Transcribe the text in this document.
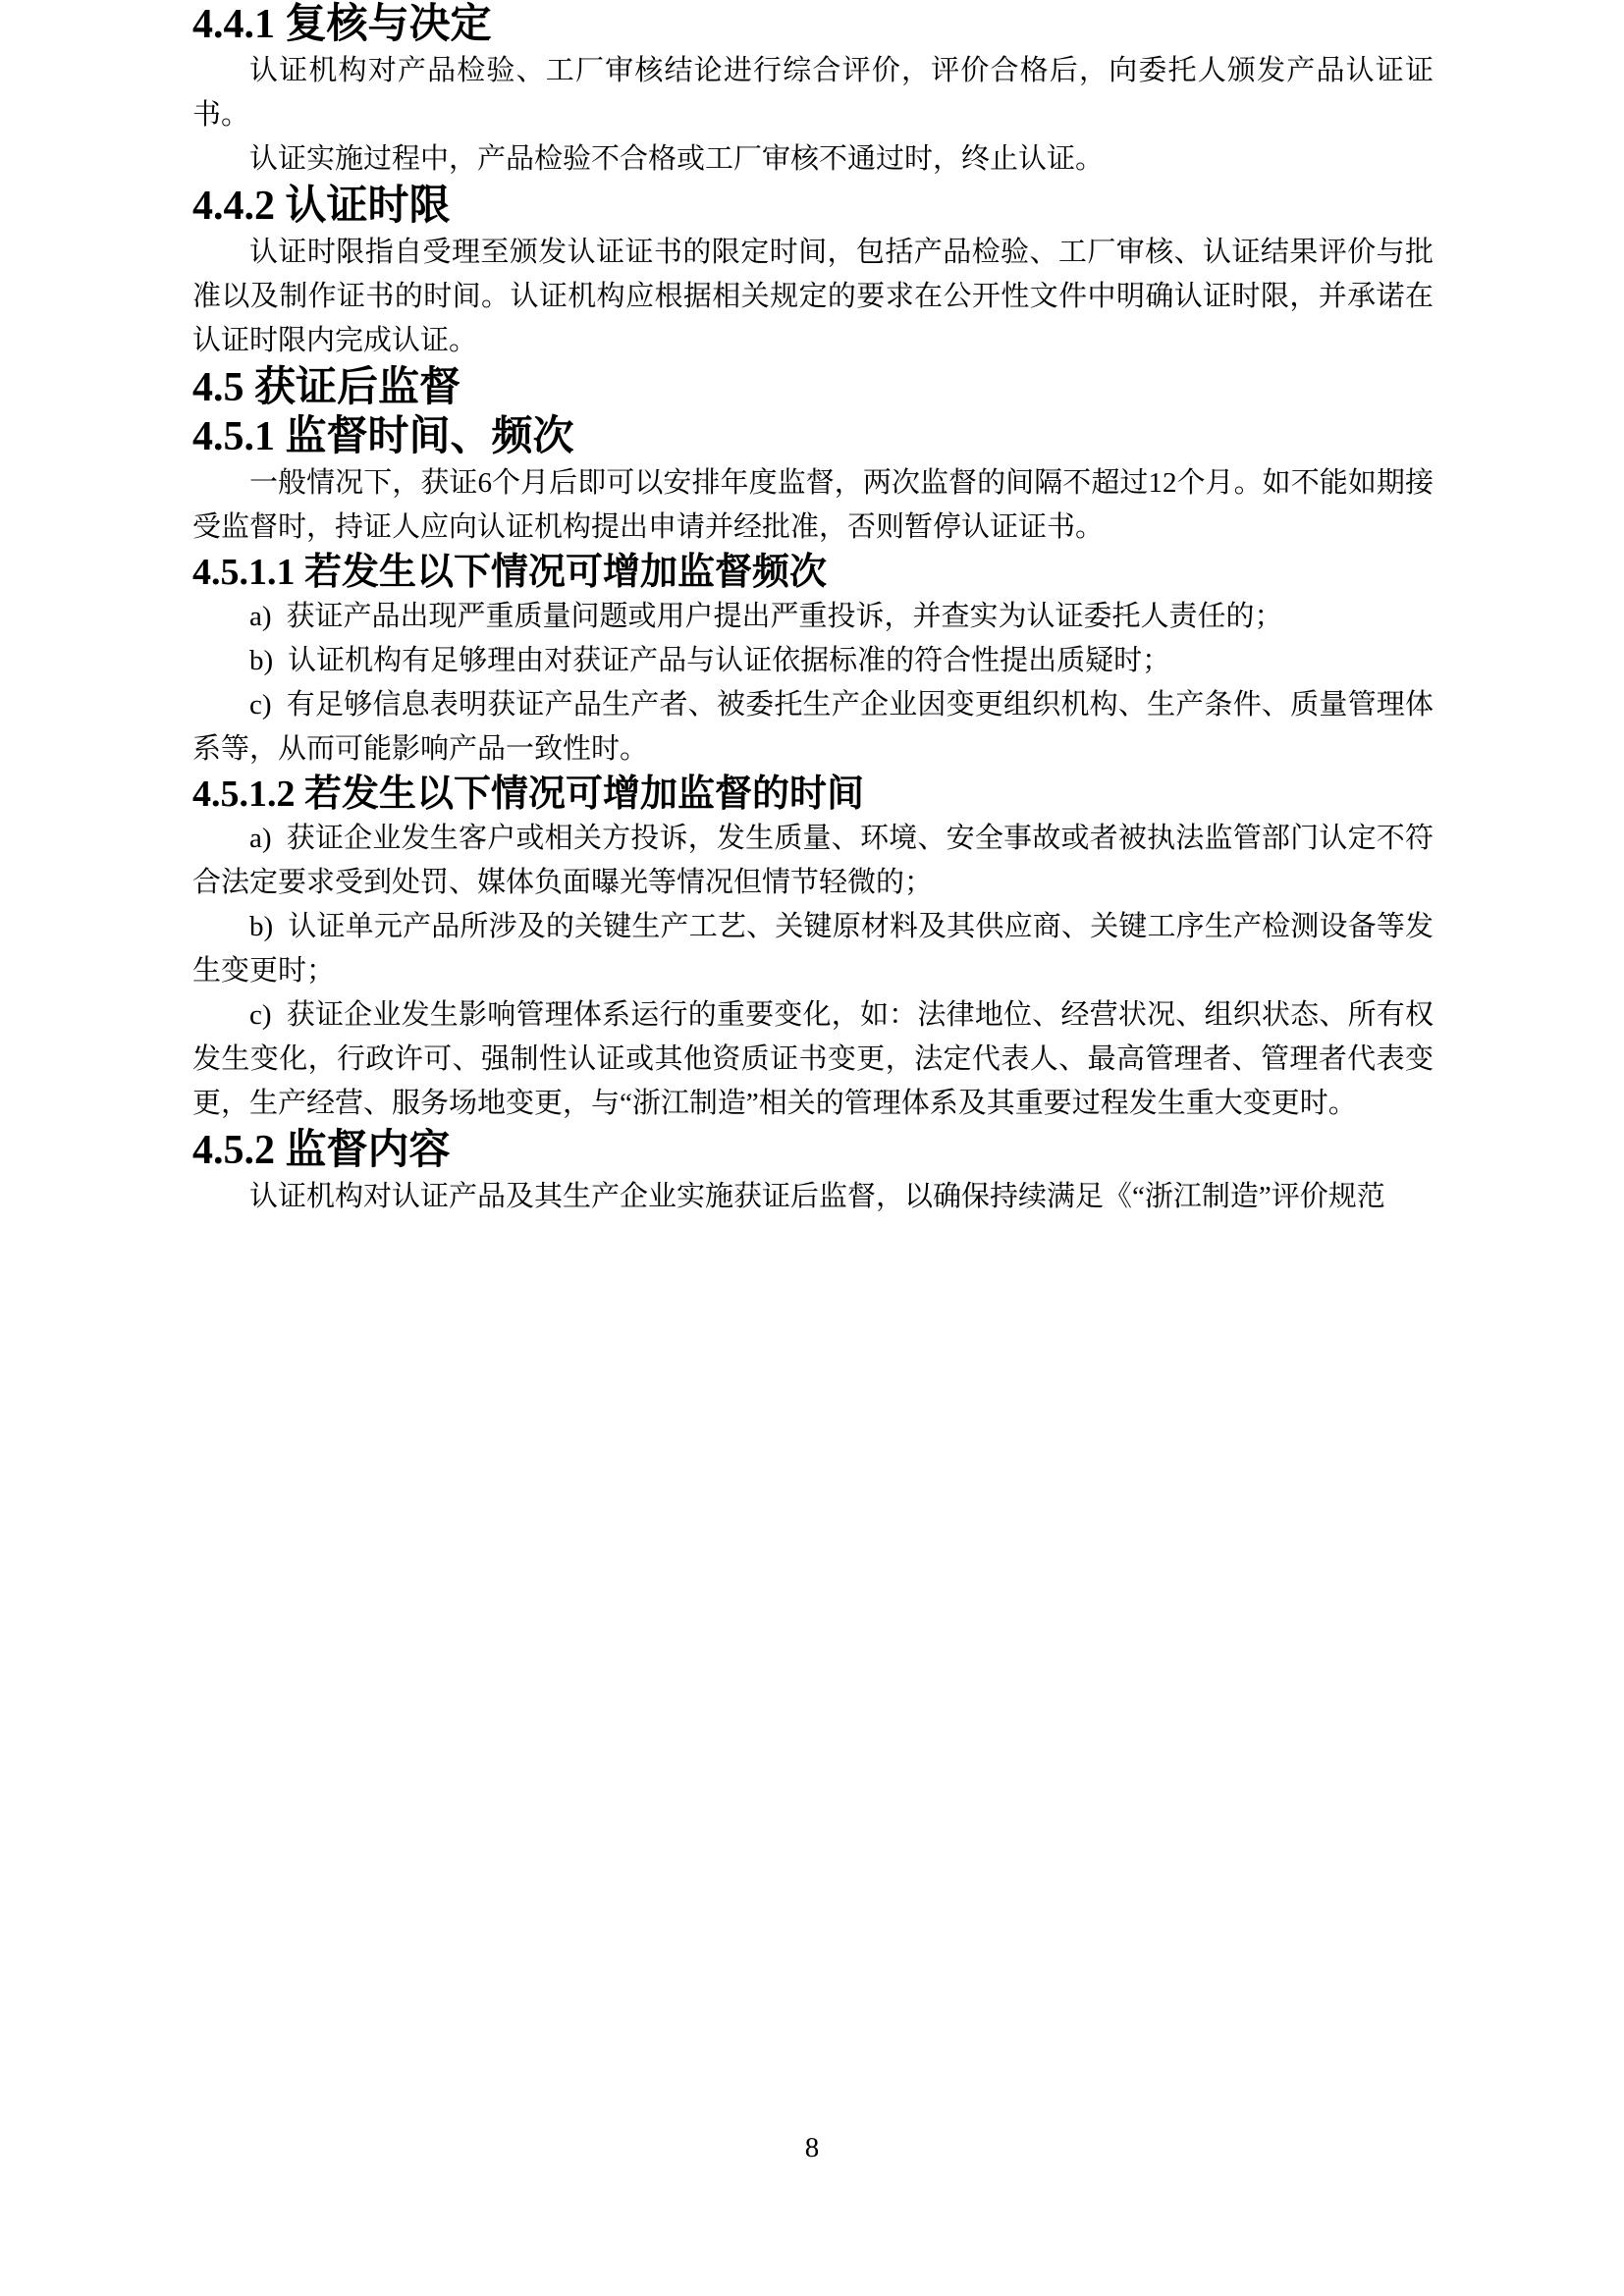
4.4.1 复核与决定

认证机构对产品检验、工厂审核结论进行综合评价，评价合格后，向委托人颁发产品认证证书。

认证实施过程中，产品检验不合格或工厂审核不通过时，终止认证。

4.4.2 认证时限

认证时限指自受理至颁发认证证书的限定时间，包括产品检验、工厂审核、认证结果评价与批准以及制作证书的时间。认证机构应根据相关规定的要求在公开性文件中明确认证时限，并承诺在认证时限内完成认证。

4.5 获证后监督
4.5.1 监督时间、频次

一般情况下，获证6个月后即可以安排年度监督，两次监督的间隔不超过12个月。如不能如期接受监督时，持证人应向认证机构提出申请并经批准，否则暂停认证证书。

4.5.1.1 若发生以下情况可增加监督频次

a) 获证产品出现严重质量问题或用户提出严重投诉，并查实为认证委托人责任的；

b) 认证机构有足够理由对获证产品与认证依据标准的符合性提出质疑时；

c) 有足够信息表明获证产品生产者、被委托生产企业因变更组织机构、生产条件、质量管理体系等，从而可能影响产品一致性时。

4.5.1.2 若发生以下情况可增加监督的时间

a) 获证企业发生客户或相关方投诉，发生质量、环境、安全事故或者被执法监管部门认定不符合法定要求受到处罚、媒体负面曝光等情况但情节轻微的；

b) 认证单元产品所涉及的关键生产工艺、关键原材料及其供应商、关键工序生产检测设备等发生变更时；

c) 获证企业发生影响管理体系运行的重要变化，如：法律地位、经营状况、组织状态、所有权发生变化，行政许可、强制性认证或其他资质证书变更，法定代表人、最高管理者、管理者代表变更，生产经营、服务场地变更，与“浙江制造”相关的管理体系及其重要过程发生重大变更时。

4.5.2 监督内容

认证机构对认证产品及其生产企业实施获证后监督，以确保持续满足《“浙江制造”评价规范

8
